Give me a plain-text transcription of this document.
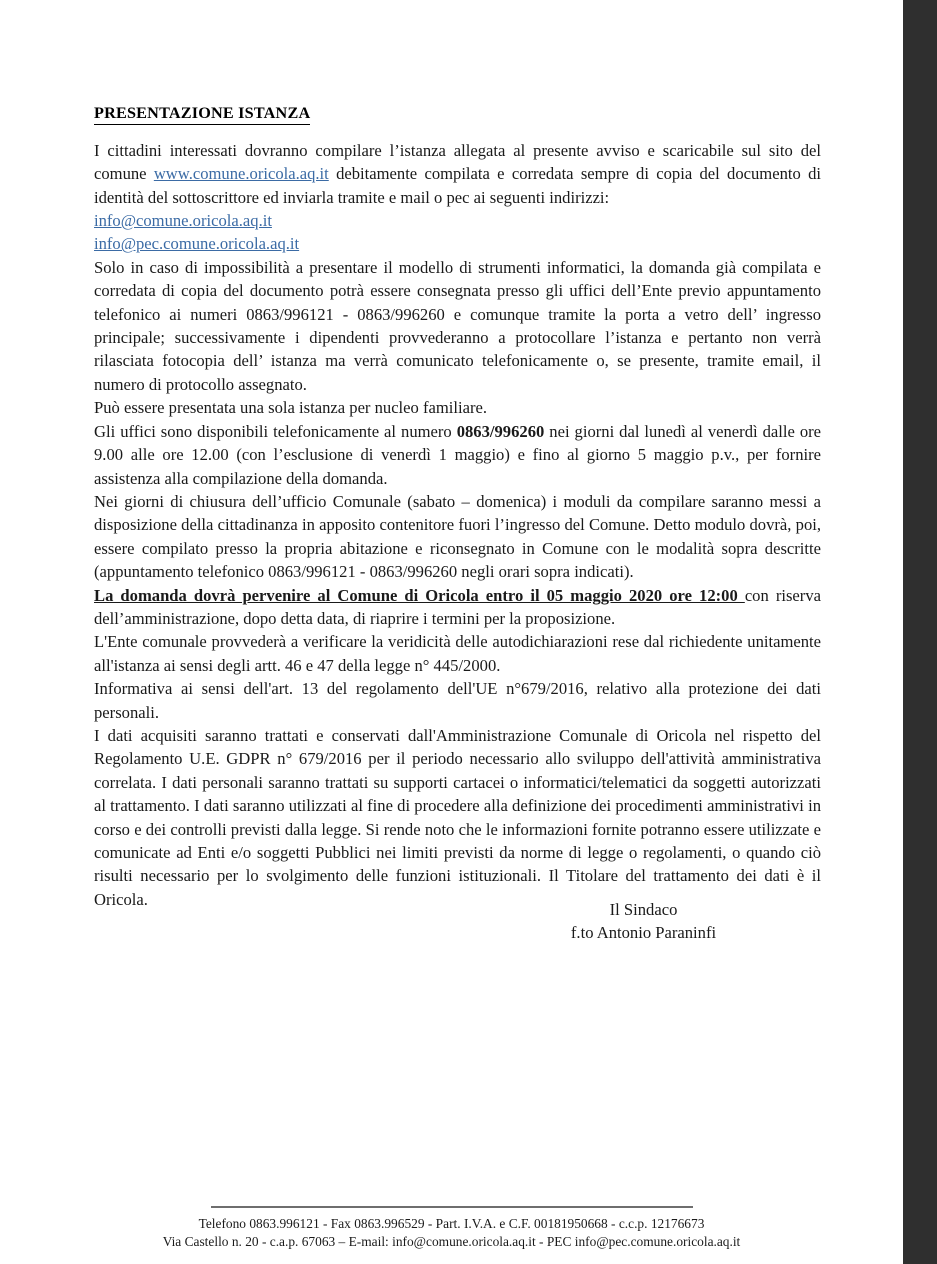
PRESENTAZIONE ISTANZA

I cittadini interessati dovranno compilare l’istanza allegata al presente avviso e scaricabile sul sito del comune www.comune.oricola.aq.it debitamente compilata e corredata sempre di copia del documento di identità del sottoscrittore ed inviarla tramite e mail o pec ai seguenti indirizzi:

info@comune.oricola.aq.it
info@pec.comune.oricola.aq.it

Solo in caso di impossibilità a presentare il modello di strumenti informatici, la domanda già compilata e corredata di copia del documento potrà essere consegnata presso gli uffici dell’Ente previo appuntamento telefonico ai numeri 0863/996121 - 0863/996260 e comunque tramite la porta a vetro dell’ ingresso principale; successivamente i dipendenti provvederanno a protocollare l’istanza e pertanto non verrà rilasciata fotocopia dell’ istanza ma verrà comunicato telefonicamente o, se presente, tramite email, il numero di protocollo assegnato.

Può essere presentata una sola istanza per nucleo familiare.

Gli uffici sono disponibili telefonicamente al numero 0863/996260 nei giorni dal lunedì al venerdì dalle ore 9.00 alle ore 12.00 (con l’esclusione di venerdì 1 maggio) e fino al giorno 5 maggio p.v., per fornire assistenza alla compilazione della domanda.

Nei giorni di chiusura dell’ufficio Comunale (sabato – domenica) i moduli da compilare saranno messi a disposizione della cittadinanza in apposito contenitore fuori l’ingresso del Comune. Detto modulo dovrà, poi, essere compilato presso la propria abitazione e riconsegnato in Comune con le modalità sopra descritte (appuntamento telefonico 0863/996121 - 0863/996260 negli orari sopra indicati).

La domanda dovrà pervenire al Comune di Oricola entro il 05 maggio 2020 ore 12:00 con riserva dell’amministrazione, dopo detta data, di riaprire i termini per la proposizione.

L'Ente comunale provvederà a verificare la veridicità delle autodichiarazioni rese dal richiedente unitamente all'istanza ai sensi degli artt. 46 e 47 della legge n° 445/2000.

Informativa ai sensi dell'art. 13 del regolamento dell'UE n°679/2016, relativo alla protezione dei dati personali.

I dati acquisiti saranno trattati e conservati dall'Amministrazione Comunale di Oricola nel rispetto del Regolamento U.E. GDPR n° 679/2016 per il periodo necessario allo sviluppo dell'attività amministrativa correlata. I dati personali saranno trattati su supporti cartacei o informatici/telematici da soggetti autorizzati al trattamento. I dati saranno utilizzati al fine di procedere alla definizione dei procedimenti amministrativi in corso e dei controlli previsti dalla legge. Si rende noto che le informazioni fornite potranno essere utilizzate e comunicate ad Enti e/o soggetti Pubblici nei limiti previsti da norme di legge o regolamenti, o quando ciò risulti necessario per lo svolgimento delle funzioni istituzionali. Il Titolare del trattamento dei dati è il Oricola.

Il Sindaco
f.to Antonio Paraninfi
Telefono 0863.996121 - Fax 0863.996529 - Part. I.V.A. e C.F. 00181950668 - c.c.p. 12176673
Via Castello n. 20 - c.a.p. 67063 – E-mail: info@comune.oricola.aq.it - PEC info@pec.comune.oricola.aq.it
